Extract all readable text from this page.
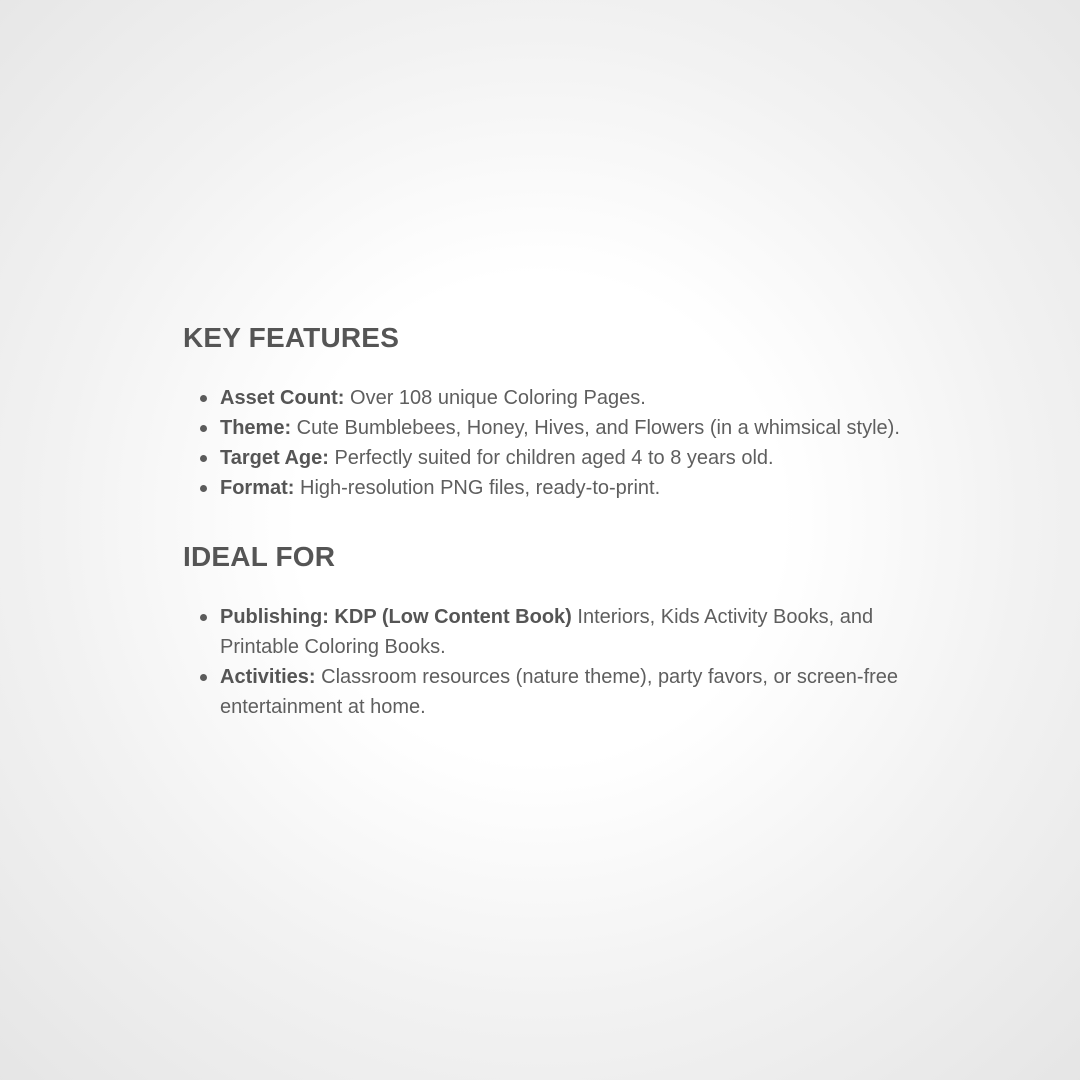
KEY FEATURES
Asset Count: Over 108 unique Coloring Pages.
Theme: Cute Bumblebees, Honey, Hives, and Flowers (in a whimsical style).
Target Age: Perfectly suited for children aged 4 to 8 years old.
Format: High-resolution PNG files, ready-to-print.
IDEAL FOR
Publishing: KDP (Low Content Book) Interiors, Kids Activity Books, and Printable Coloring Books.
Activities: Classroom resources (nature theme), party favors, or screen-free entertainment at home.
